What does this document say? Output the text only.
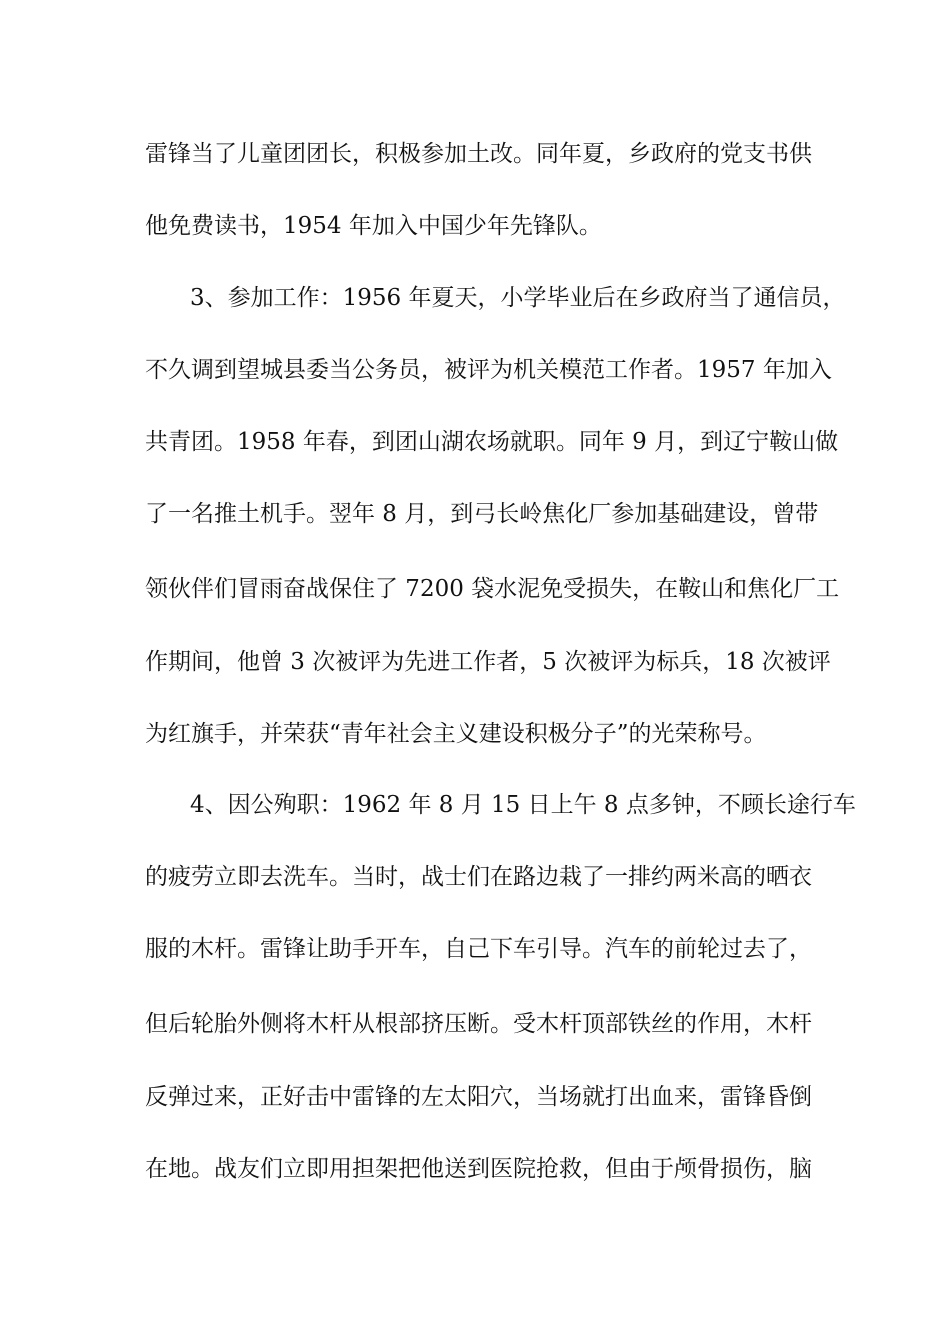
雷锋当了儿童团团长，积极参加土改。同年夏，乡政府的党支书供
他免费读书，1954 年加入中国少年先锋队。
3、参加工作：1956 年夏天，小学毕业后在乡政府当了通信员，
不久调到望城县委当公务员，被评为机关模范工作者。1957 年加入
共青团。1958 年春，到团山湖农场就职。同年 9 月，到辽宁鞍山做
了一名推土机手。翌年 8 月，到弓长岭焦化厂参加基础建设，曾带
领伙伴们冒雨奋战保住了 7200 袋水泥免受损失，在鞍山和焦化厂工
作期间，他曾 3 次被评为先进工作者，5 次被评为标兵，18 次被评
为红旗手，并荣获“青年社会主义建设积极分子”的光荣称号。
4、因公殉职：1962 年 8 月 15 日上午 8 点多钟，不顾长途行车
的疲劳立即去洗车。当时，战士们在路边栽了一排约两米高的晒衣
服的木杆。雷锋让助手开车，自己下车引导。汽车的前轮过去了，
但后轮胎外侧将木杆从根部挤压断。受木杆顶部铁丝的作用，木杆
反弹过来，正好击中雷锋的左太阳穴，当场就打出血来，雷锋昏倒
在地。战友们立即用担架把他送到医院抢救，但由于颅骨损伤，脑
